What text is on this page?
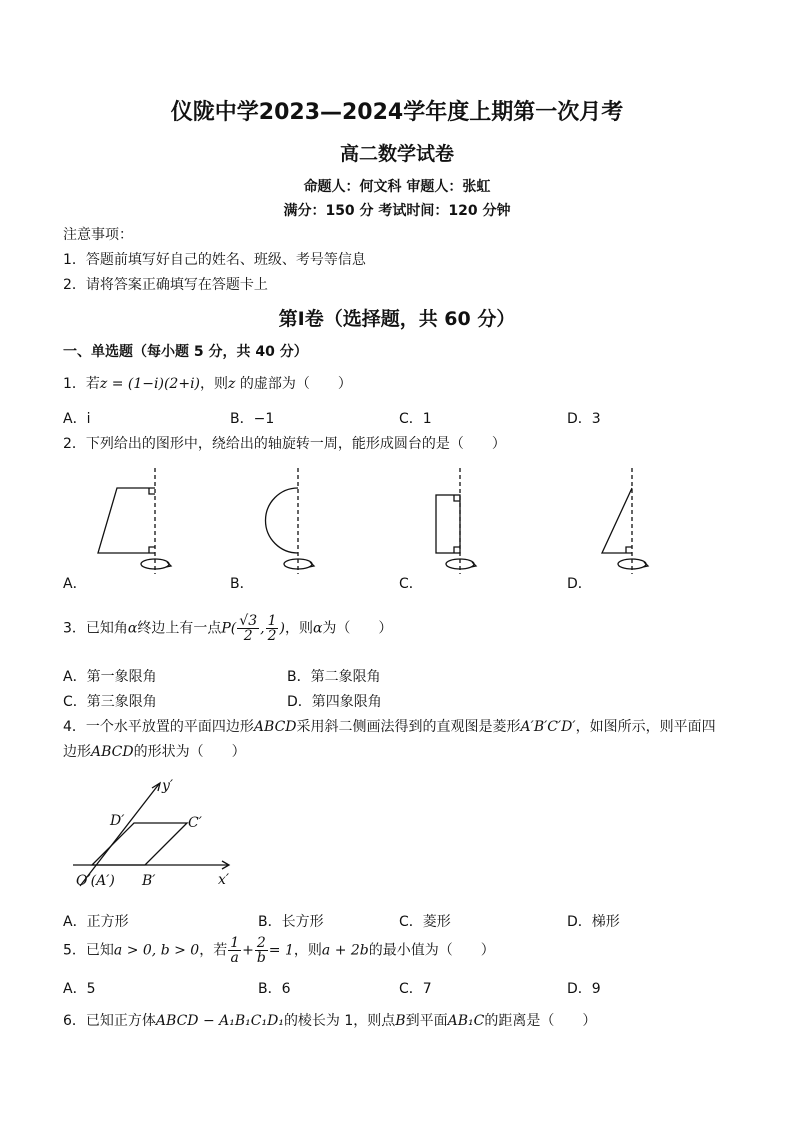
仪陇中学2023—2024学年度上期第一次月考
高二数学试卷
命题人：何文科 审题人：张虹
满分：150 分 考试时间：120 分钟
注意事项：
1．答题前填写好自己的姓名、班级、考号等信息
2．请将答案正确填写在答题卡上
第Ⅰ卷（选择题，共 60 分）
一、单选题（每小题 5 分，共 40 分）
1．若z = (1−i)(2+i)，则z 的虚部为（　　）
A．i	B．−1	C．1	D．3
2．下列给出的图形中，绕给出的轴旋转一周，能形成圆台的是（　　）
A．	B．	C．	D．
3．已知角α终边上有一点$P( \frac{√3}{2}$ , $\frac{1}{2}$ )，则α为（　　）
A．第一象限角	B．第二象限角
C．第三象限角	D．第四象限角
4．一个水平放置的平面四边形ABCD采用斜二侧画法得到的直观图是菱形A′B′C′D′，如图所示，则平面四
边形ABCD的形状为（　　）
y′
x′
D′	C′
O′(A′) B′
A．正方形	B．长方形	C．菱形	D．梯形
5．已知a > 0, b > 0，若 $\frac{1}{a} + \frac{2}{b} = 1$，则a + 2b的最小值为（　　）
A．5	B．6	C．7	D．9
6．已知正方体ABCD − A₁B₁C₁D₁的棱长为 1，则点B到平面AB₁C的距离是（　　）
